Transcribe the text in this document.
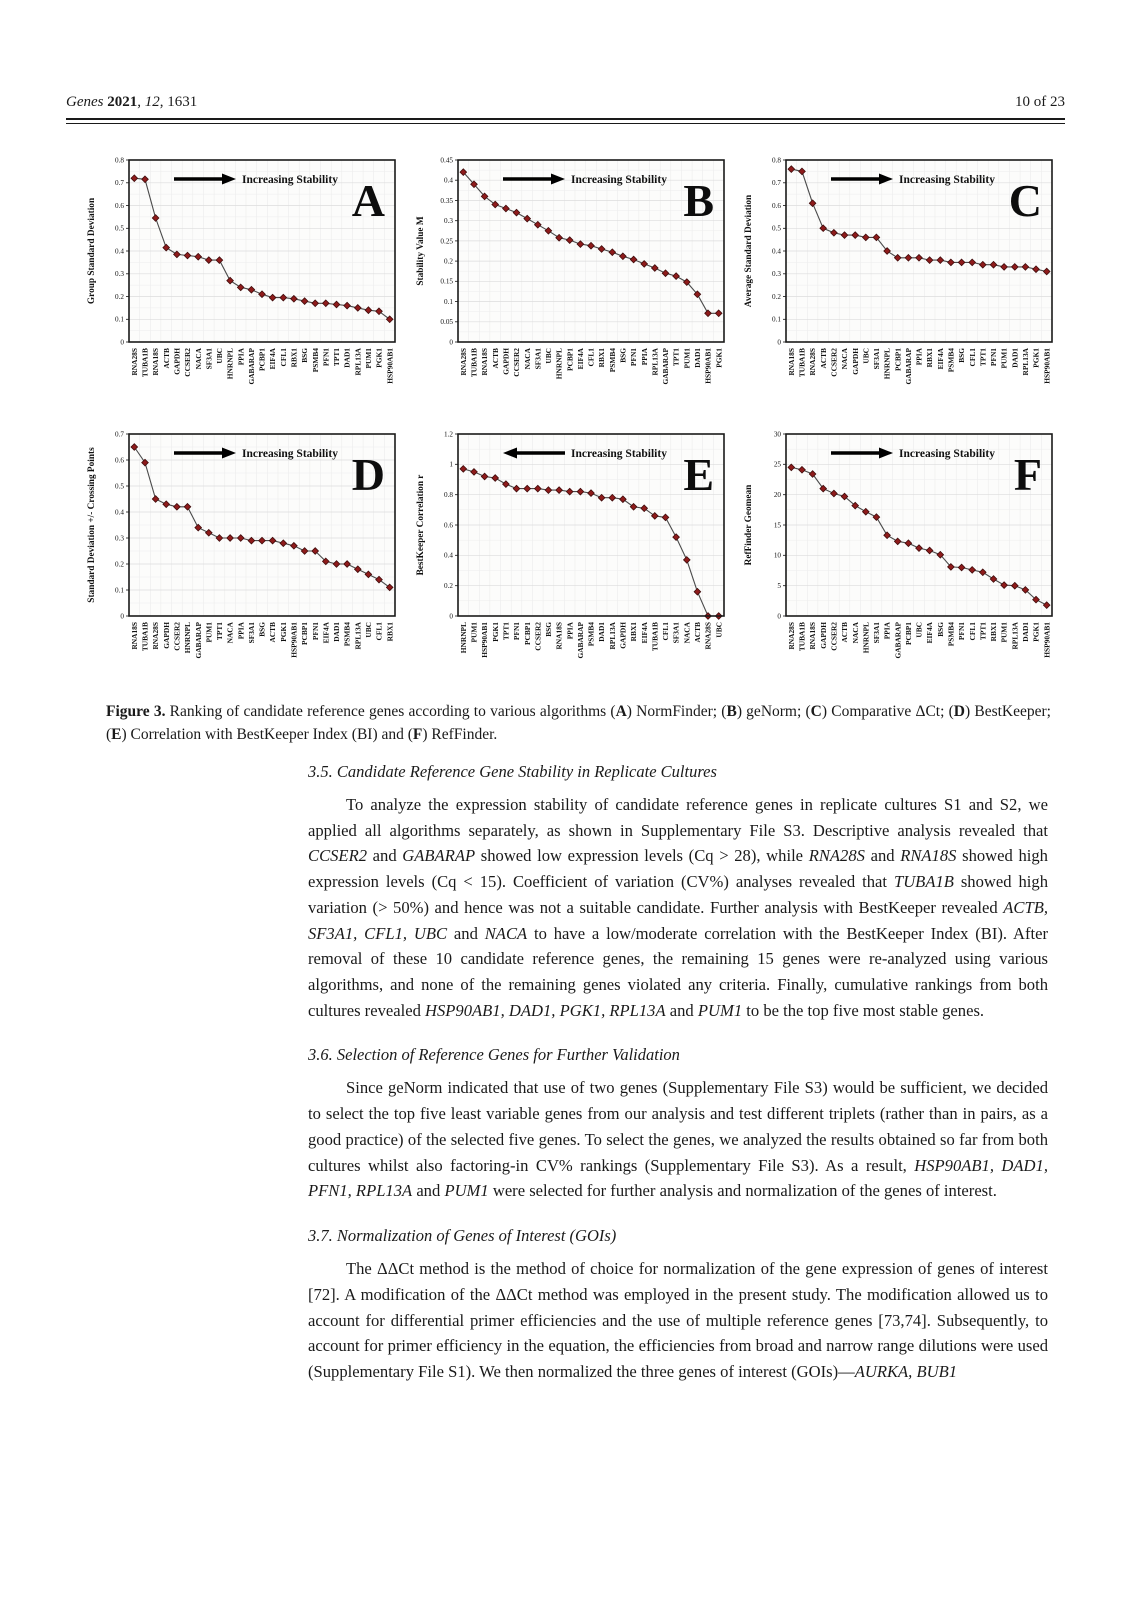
Genes 2021, 12, 1631	10 of 23
0
0.1
0.2
0.3
0.4
0.5
0.6
0.7
0.8
RNA28S TUBA1B RNA18S ACTB GAPDH CCSER2 NACA SF3A1 UBC HNRNPL PPIA GABARAP PCBP1 EIF4A CFL1 RBX1 BSG PSMB4 PFN1 TPT1 DAD1 RPL13A PUM1 PGK1 HSP90AB1
Group Standard Deviation
Increasing Stability A
0
0.05
0.1
0.15
0.2
0.25
0.3
0.35
0.4
0.45
RNA28S TUBA1B RNA18S ACTB GAPDH CCSER2 NACA SF3A1 UBC HNRNPL PCBP1 EIF4A CFL1 RBX1 PSMB4 BSG PFN1 PPIA RPL13A GABARAP TPT1 PUM1 DAD1 HSP90AB1 PGK1
Stability Value M
Increasing Stability B
0
0.1
0.2
0.3
0.4
0.5
0.6
0.7
0.8
RNA18S TUBA1B RNA28S ACTB CCSER2 NACA GAPDH UBC SF3A1 HNRNPL PCBP1 GABARAP PPIA RBX1 EIF4A PSMB4 BSG CFL1 TPT1 PFN1 PUM1 DAD1 RPL13A PGK1 HSP90AB1
Average Standard Deviation
Increasing Stability C
0
0.1
0.2
0.3
0.4
0.5
0.6
0.7
RNA18S TUBA1B RNA28S GAPDH CCSER2 HNRNPL GABARAP PUM1 TPT1 NACA PPIA SF3A1 BSG ACTB PGK1 HSP90AB1 PCBP1 PFN1 EIF4A DAD1 PSMB4 RPL13A UBC CFL1 RBX1
Standard Deviation +/- Crossing Points	Increasing Stability D
0
0.2
0.4
0.6
0.8
1
1.2
HNRNPL PUM1 HSP90AB1 PGK1 TPT1 PFN1 PCBP1 CCSER2 BSG RNA18S PPIA GABARAP PSMB4 DAD1 RPL13A GAPDH RBX1 EIF4A TUBA1B CFL1 SF3A1 NACA ACTB RNA28S UBC
BestKeeper Correlation r
Increasing Stability E
0
5
10
15
20
25
30
RNA28S TUBA1B RNA18S GAPDH CCSER2 ACTB NACA HNRNPL SF3A1 PPIA GABARAP PCBP1 UBC EIF4A BSG PSMB4 PFN1 CFL1 TPT1 RBX1 PUM1 RPL13A DAD1 PGK1 HSP90AB1
RefFinder Geomean
Increasing Stability F
Figure 3. Ranking of candidate reference genes according to various algorithms (A) NormFinder; (B) geNorm; (C) Comparative ΔCt; (D) BestKeeper; (E) Correlation with BestKeeper Index (BI) and (F) RefFinder.
3.5. Candidate Reference Gene Stability in Replicate Cultures
To analyze the expression stability of candidate reference genes in replicate cultures S1 and S2, we applied all algorithms separately, as shown in Supplementary File S3. Descriptive analysis revealed that CCSER2 and GABARAP showed low expression levels (Cq > 28), while RNA28S and RNA18S showed high expression levels (Cq < 15). Coefficient of variation (CV%) analyses revealed that TUBA1B showed high variation (> 50%) and hence was not a suitable candidate. Further analysis with BestKeeper revealed ACTB, SF3A1, CFL1, UBC and NACA to have a low/moderate correlation with the BestKeeper Index (BI). After removal of these 10 candidate reference genes, the remaining 15 genes were re-analyzed using various algorithms, and none of the remaining genes violated any criteria. Finally, cumulative rankings from both cultures revealed HSP90AB1, DAD1, PGK1, RPL13A and PUM1 to be the top five most stable genes.
3.6. Selection of Reference Genes for Further Validation
Since geNorm indicated that use of two genes (Supplementary File S3) would be sufficient, we decided to select the top five least variable genes from our analysis and test different triplets (rather than in pairs, as a good practice) of the selected five genes. To select the genes, we analyzed the results obtained so far from both cultures whilst also factoring-in CV% rankings (Supplementary File S3). As a result, HSP90AB1, DAD1, PFN1, RPL13A and PUM1 were selected for further analysis and normalization of the genes of interest.
3.7. Normalization of Genes of Interest (GOIs)
The ΔΔCt method is the method of choice for normalization of the gene expression of genes of interest [72]. A modification of the ΔΔCt method was employed in the present study. The modification allowed us to account for differential primer efficiencies and the use of multiple reference genes [73,74]. Subsequently, to account for primer efficiency in the equation, the efficiencies from broad and narrow range dilutions were used (Supplementary File S1). We then normalized the three genes of interest (GOIs)—AURKA, BUB1
